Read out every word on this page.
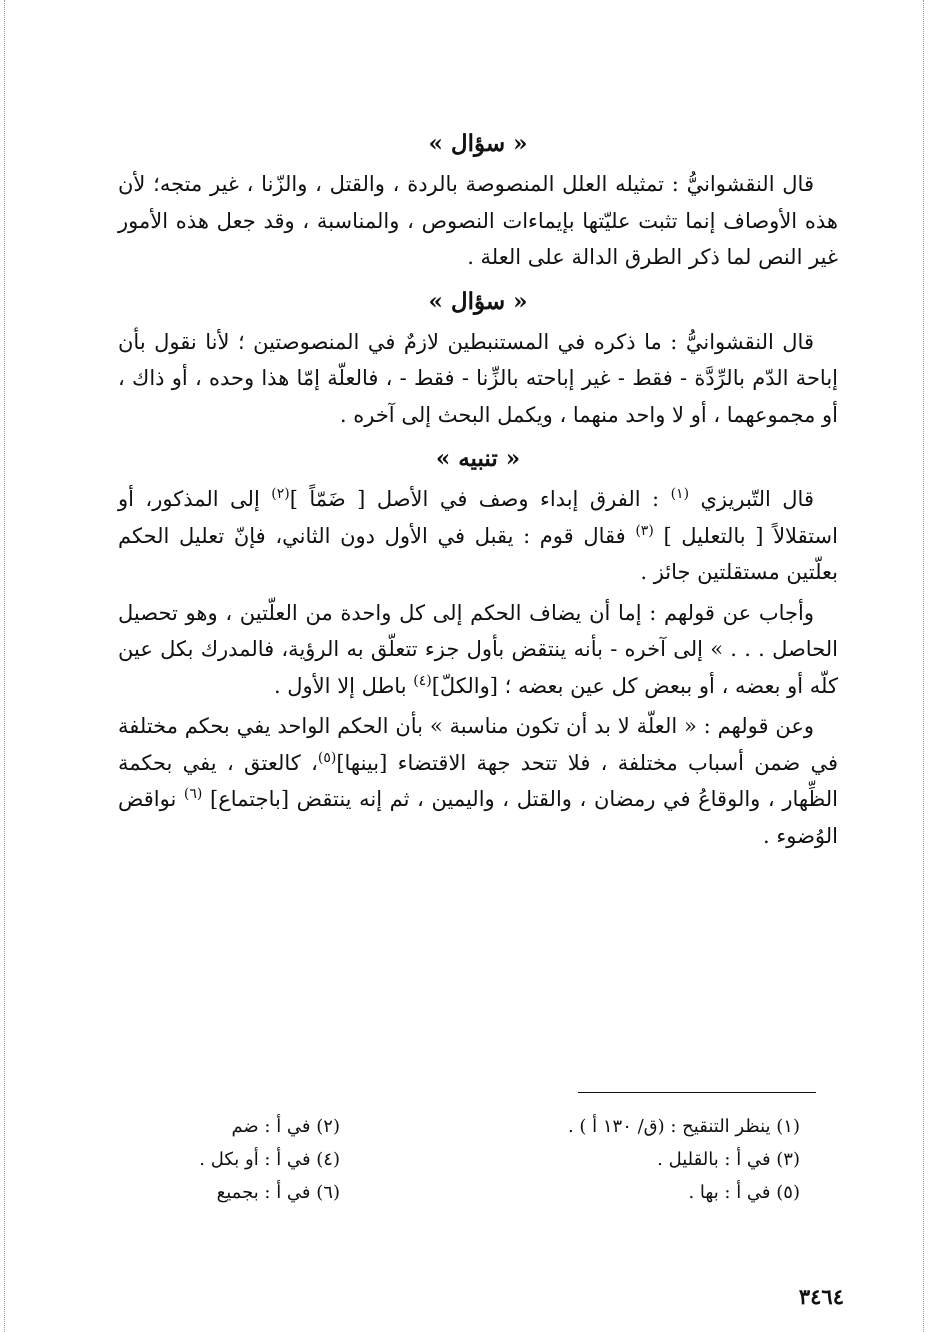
« سؤال »

قال النقشوانيُّ : تمثيله العلل المنصوصة بالردة ، والقتل ، والزّنا ، غير متجه؛ لأن هذه الأوصاف إنما تثبت عليّتها بإيماءات النصوص ، والمناسبة ، وقد جعل هذه الأمور غير النص لما ذكر الطرق الدالة على العلة .

« سؤال »

قال النقشوانيُّ : ما ذكره في المستنبطين لازمٌ في المنصوصتين ؛ لأنا نقول بأن إباحة الدّم بالرِّدَّة - فقط - غير إباحته بالزِّنا - فقط - ، فالعلّة إمّا هذا وحده ، أو ذاك ، أو مجموعهما ، أو لا واحد منهما ، ويكمل البحث إلى آخره .

« تنبيه »

قال التّبريزي $^{(١)}$ : الفرق إبداء وصف في الأصل [ ضَمّاً ]$^{(٢)}$ إلى المذكور، أو استقلالاً [ بالتعليل ] $^{(٣)}$ فقال قوم : يقبل في الأول دون الثاني، فإنّ تعليل الحكم بعلّتين مستقلتين جائز .

وأجاب عن قولهم : إما أن يضاف الحكم إلى كل واحدة من العلّتين ، وهو تحصيل الحاصل . . . » إلى آخره - بأنه ينتقض بأول جزء تتعلّق به الرؤية، فالمدرك بكل عين كلّه أو بعضه ، أو ببعض كل عين بعضه ؛ [والكلّ]$^{(٤)}$ باطل إلا الأول .

وعن قولهم : « العلّة لا بد أن تكون مناسبة » بأن الحكم الواحد يفي بحكم مختلفة في ضمن أسباب مختلفة ، فلا تتحد جهة الاقتضاء [بينها]$^{(٥)}$، كالعتق ، يفي بحكمة الظِّهار ، والوقاعُ في رمضان ، والقتل ، واليمين ، ثم إنه ينتقض [باجتماع] $^{(٦)}$ نواقض الوُضوء .

(١) ينظر التنقيح : (ق/ ١٣٠ أ ) .
(٣) في أ : بالقليل .
(٥) في أ : بها .
(٢) في أ : ضم
(٤) في أ : أو بكل .
(٦) في أ : بجميع
٣٤٦٤
